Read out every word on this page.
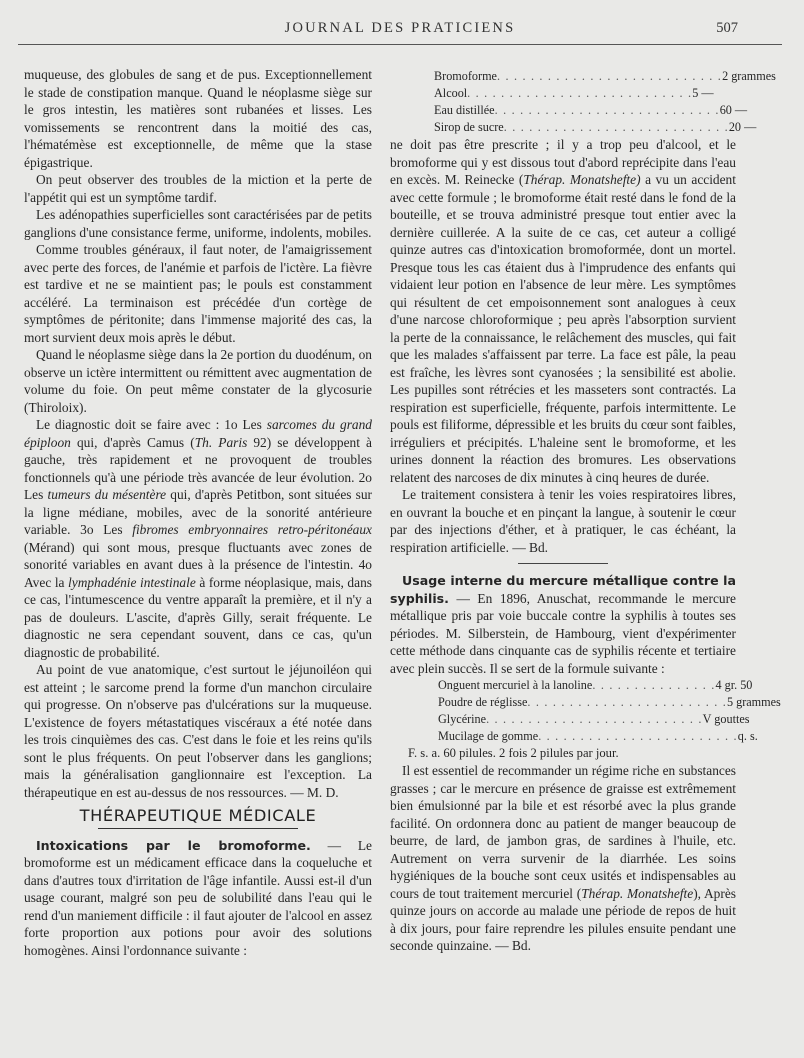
JOURNAL DES PRATICIENS	507

muqueuse, des globules de sang et de pus. Exceptionnellement le stade de constipation manque. Quand le néoplasme siège sur le gros intestin, les matières sont rubanées et lisses. Les vomissements se rencontrent dans la moitié des cas, l'hématémèse est exceptionnelle, de même que la stase épigastrique.

On peut observer des troubles de la miction et la perte de l'appétit qui est un symptôme tardif.

Les adénopathies superficielles sont caractérisées par de petits ganglions d'une consistance ferme, uniforme, indolents, mobiles.

Comme troubles généraux, il faut noter, de l'amaigrissement avec perte des forces, de l'anémie et parfois de l'ictère. La fièvre est tardive et ne se maintient pas; le pouls est constamment accéléré. La terminaison est précédée d'un cortège de symptômes de péritonite; dans l'immense majorité des cas, la mort survient deux mois après le début.

Quand le néoplasme siège dans la 2e portion du duodénum, on observe un ictère intermittent ou rémittent avec augmentation de volume du foie. On peut même constater de la glycosurie (Thiroloix).

Le diagnostic doit se faire avec : 1o Les sarcomes du grand épiploon qui, d'après Camus (Th. Paris 92) se développent à gauche, très rapidement et ne provoquent de troubles fonctionnels qu'à une période très avancée de leur évolution. 2o Les tumeurs du mésentère qui, d'après Petitbon, sont situées sur la ligne médiane, mobiles, avec de la sonorité antérieure variable. 3o Les fibromes embryonnaires retro-péritonéaux (Mérand) qui sont mous, presque fluctuants avec zones de sonorité variables en avant dues à la présence de l'intestin. 4o Avec la lymphadénie intestinale à forme néoplasique, mais, dans ce cas, l'intumescence du ventre apparaît la première, et il n'y a pas de douleurs. L'ascite, d'après Gilly, serait fréquente. Le diagnostic ne sera cependant souvent, dans ce cas, qu'un diagnostic de probabilité.

Au point de vue anatomique, c'est surtout le jéjunoiléon qui est atteint ; le sarcome prend la forme d'un manchon circulaire qui progresse. On n'observe pas d'ulcérations sur la muqueuse. L'existence de foyers métastatiques viscéraux a été notée dans les trois cinquièmes des cas. C'est dans le foie et les reins qu'ils sont le plus fréquents. On peut l'observer dans les ganglions; mais la généralisation ganglionnaire est l'exception. La thérapeutique en est au-dessus de nos ressources. — M. D.

THÉRAPEUTIQUE MÉDICALE

Intoxications par le bromoforme. — Le bromoforme est un médicament efficace dans la coqueluche et dans d'autres toux d'irritation de l'âge infantile. Aussi est-il d'un usage courant, malgré son peu de solubilité dans l'eau qui le rend d'un maniement difficile : il faut ajouter de l'alcool en assez forte proportion aux potions pour avoir des solutions homogènes. Ainsi l'ordonnance suivante :

Bromoforme . . . . . . . . . . . . . . . . . . . . . . . . . . . 2 grammes
Alcool . . . . . . . . . . . . . . . . . . . . . . . . . . . 5 —
Eau distillée . . . . . . . . . . . . . . . . . . . . . . . . . . . 60 —
Sirop de sucre . . . . . . . . . . . . . . . . . . . . . . . . . . . 20 —

ne doit pas être prescrite ; il y a trop peu d'alcool, et le bromoforme qui y est dissous tout d'abord reprécipite dans l'eau en excès. M. Reinecke (Thérap. Monatshefte) a vu un accident avec cette formule ; le bromoforme était resté dans le fond de la bouteille, et se trouva administré presque tout entier avec la dernière cuillerée. A la suite de ce cas, cet auteur a colligé quinze autres cas d'intoxication bromoformée, dont un mortel. Presque tous les cas étaient dus à l'imprudence des enfants qui vidaient leur potion en l'absence de leur mère. Les symptômes qui résultent de cet empoisonnement sont analogues à ceux d'une narcose chloroformique ; peu après l'absorption survient la perte de la connaissance, le relâchement des muscles, qui fait que les malades s'affaissent par terre. La face est pâle, la peau est fraîche, les lèvres sont cyanosées ; la sensibilité est abolie. Les pupilles sont rétrécies et les masseters sont contractés. La respiration est superficielle, fréquente, parfois intermittente. Le pouls est filiforme, dépressible et les bruits du cœur sont faibles, irréguliers et précipités. L'haleine sent le bromoforme, et les urines donnent la réaction des bromures. Les observations relatent des narcoses de dix minutes à cinq heures de durée.

Le traitement consistera à tenir les voies respiratoires libres, en ouvrant la bouche et en pinçant la langue, à soutenir le cœur par des injections d'éther, et à pratiquer, le cas échéant, la respiration artificielle. — Bd.

Usage interne du mercure métallique contre la syphilis. — En 1896, Anuschat, recommande le mercure métallique pris par voie buccale contre la syphilis à toutes ses périodes. M. Silberstein, de Hambourg, vient d'expérimenter cette méthode dans cinquante cas de syphilis récente et tertiaire avec plein succès. Il se sert de la formule suivante :

Onguent mercuriel à la lanoline . . . . . . . . . . . . . . . 4 gr. 50
Poudre de réglisse . . . . . . . . . . . . . . . . . . . . . . . . 5 grammes
Glycérine . . . . . . . . . . . . . . . . . . . . . . . . . . V gouttes
Mucilage de gomme . . . . . . . . . . . . . . . . . . . . . . . . q. s.
F. s. a. 60 pilules. 2 fois 2 pilules par jour.

Il est essentiel de recommander un régime riche en substances grasses ; car le mercure en présence de graisse est extrêmement bien émulsionné par la bile et est résorbé avec la plus grande facilité. On ordonnera donc au patient de manger beaucoup de beurre, de lard, de jambon gras, de sardines à l'huile, etc. Autrement on verra survenir de la diarrhée. Les soins hygiéniques de la bouche sont ceux usités et indispensables au cours de tout traitement mercuriel (Thérap. Monatshefte), Après quinze jours on accorde au malade une période de repos de huit à dix jours, pour faire reprendre les pilules ensuite pendant une seconde quinzaine. — Bd.
